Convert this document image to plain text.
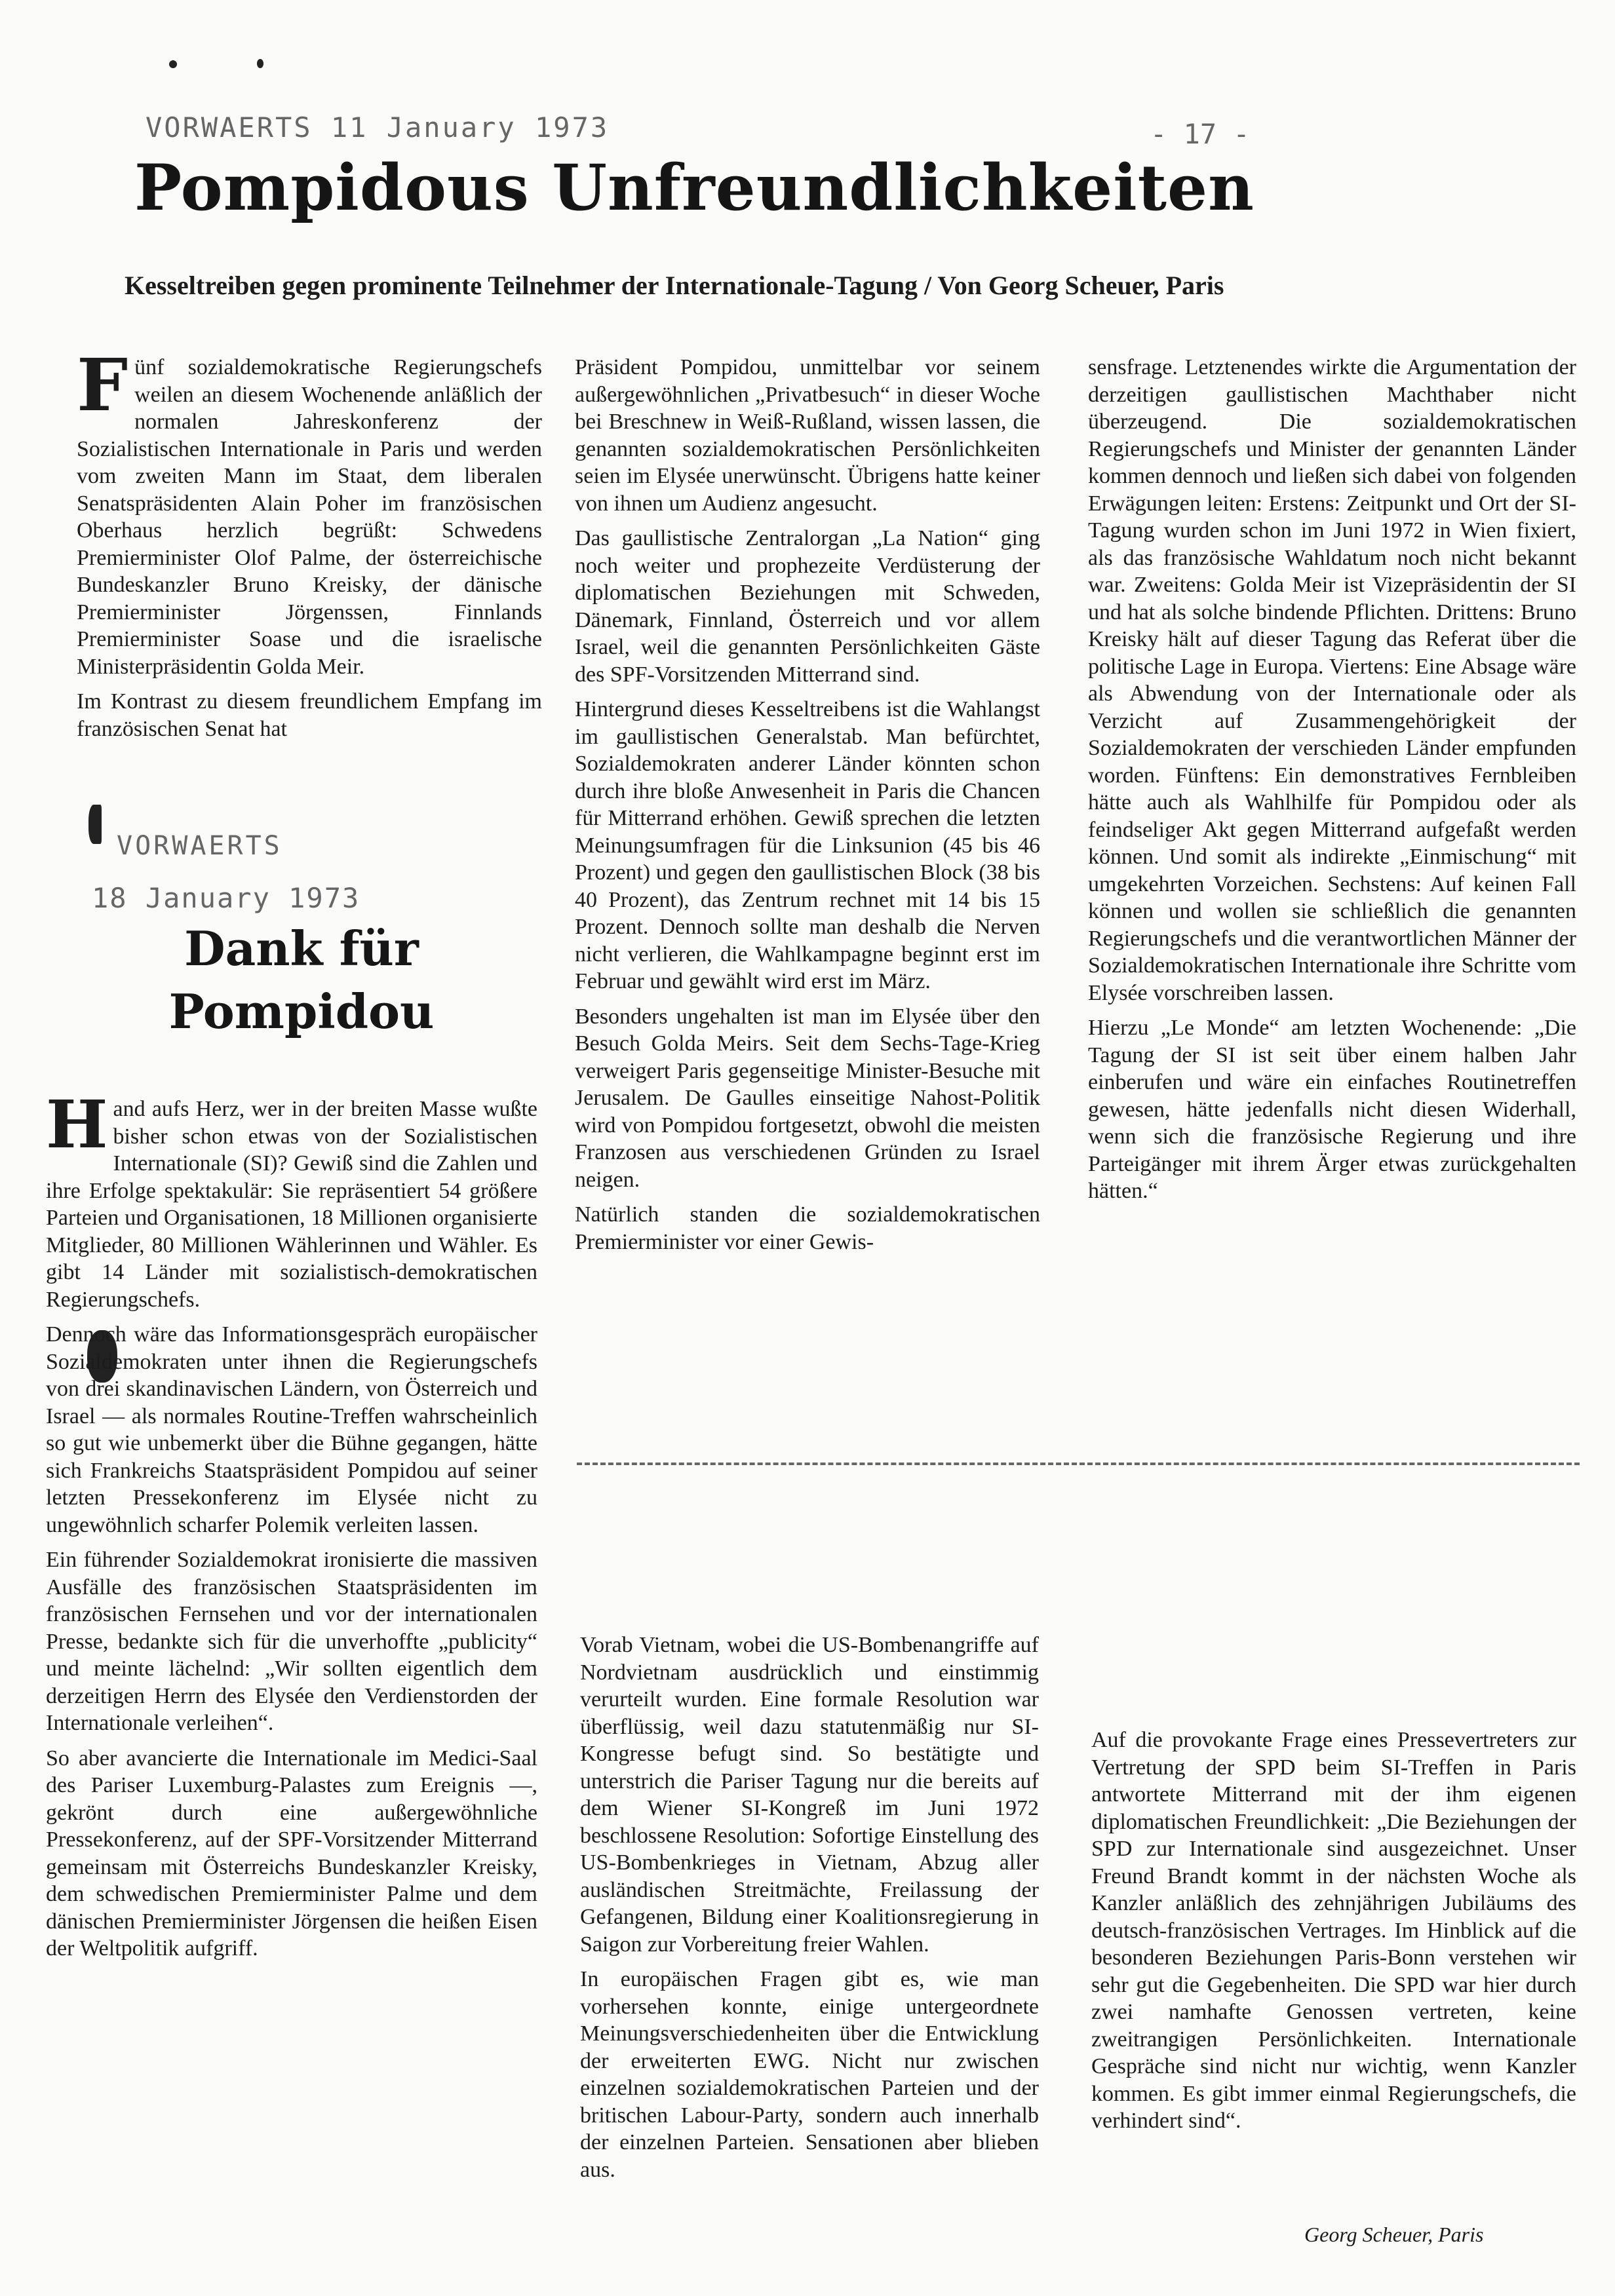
VORWAERTS 11 January 1973	- 17 -
Pompidous Unfreundlichkeiten
Kesseltreiben gegen prominente Teilnehmer der Internationale-Tagung / Von Georg Scheuer, Paris

Fünf sozialdemokratische Regierungschefs weilen an diesem Wochenende anläßlich der normalen Jahreskonferenz der Sozialistischen Internationale in Paris und werden vom zweiten Mann im Staat, dem liberalen Senatspräsidenten Alain Poher im französischen Oberhaus herzlich begrüßt: Schwedens Premierminister Olof Palme, der österreichische Bundeskanzler Bruno Kreisky, der dänische Premierminister Jörgenssen, Finnlands Premierminister Soase und die israelische Ministerpräsidentin Golda Meir.

Im Kontrast zu diesem freundlichem Empfang im französischen Senat hat

Präsident Pompidou, unmittelbar vor seinem außergewöhnlichen „Privatbesuch“ in dieser Woche bei Breschnew in Weiß-Rußland, wissen lassen, die genannten sozialdemokratischen Persönlichkeiten seien im Elysée unerwünscht. Übrigens hatte keiner von ihnen um Audienz angesucht.

Das gaullistische Zentralorgan „La Nation“ ging noch weiter und prophezeite Verdüsterung der diplomatischen Beziehungen mit Schweden, Dänemark, Finnland, Österreich und vor allem Israel, weil die genannten Persönlichkeiten Gäste des SPF-Vorsitzenden Mitterrand sind.

Hintergrund dieses Kesseltreibens ist die Wahlangst im gaullistischen Generalstab. Man befürchtet, Sozialdemokraten anderer Länder könnten schon durch ihre bloße Anwesenheit in Paris die Chancen für Mitterrand erhöhen. Gewiß sprechen die letzten Meinungsumfragen für die Linksunion (45 bis 46 Prozent) und gegen den gaullistischen Block (38 bis 40 Prozent), das Zentrum rechnet mit 14 bis 15 Prozent. Dennoch sollte man deshalb die Nerven nicht verlieren, die Wahlkampagne beginnt erst im Februar und gewählt wird erst im März.

Besonders ungehalten ist man im Elysée über den Besuch Golda Meirs. Seit dem Sechs-Tage-Krieg verweigert Paris gegenseitige Minister-Besuche mit Jerusalem. De Gaulles einseitige Nahost-Politik wird von Pompidou fortgesetzt, obwohl die meisten Franzosen aus verschiedenen Gründen zu Israel neigen.

Natürlich standen die sozialdemokratischen Premierminister vor einer Gewis-

sensfrage. Letztenendes wirkte die Argumentation der derzeitigen gaullistischen Machthaber nicht überzeugend. Die sozialdemokratischen Regierungschefs und Minister der genannten Länder kommen dennoch und ließen sich dabei von folgenden Erwägungen leiten: Erstens: Zeitpunkt und Ort der SI-Tagung wurden schon im Juni 1972 in Wien fixiert, als das französische Wahldatum noch nicht bekannt war. Zweitens: Golda Meir ist Vizepräsidentin der SI und hat als solche bindende Pflichten. Drittens: Bruno Kreisky hält auf dieser Tagung das Referat über die politische Lage in Europa. Viertens: Eine Absage wäre als Abwendung von der Internationale oder als Verzicht auf Zusammengehörigkeit der Sozialdemokraten der verschieden Länder empfunden worden. Fünftens: Ein demonstratives Fernbleiben hätte auch als Wahlhilfe für Pompidou oder als feindseliger Akt gegen Mitterrand aufgefaßt werden können. Und somit als indirekte „Einmischung“ mit umgekehrten Vorzeichen. Sechstens: Auf keinen Fall können und wollen sie schließlich die genannten Regierungschefs und die verantwortlichen Männer der Sozialdemokratischen Internationale ihre Schritte vom Elysée vorschreiben lassen.

Hierzu „Le Monde“ am letzten Wochenende: „Die Tagung der SI ist seit über einem halben Jahr einberufen und wäre ein einfaches Routinetreffen gewesen, hätte jedenfalls nicht diesen Widerhall, wenn sich die französische Regierung und ihre Parteigänger mit ihrem Ärger etwas zurückgehalten hätten.“

VORWAERTS
18 January 1973
Dank für
Pompidou

Hand aufs Herz, wer in der breiten Masse wußte bisher schon etwas von der Sozialistischen Internationale (SI)? Gewiß sind die Zahlen und ihre Erfolge spektakulär: Sie repräsentiert 54 größere Parteien und Organisationen, 18 Millionen organisierte Mitglieder, 80 Millionen Wählerinnen und Wähler. Es gibt 14 Länder mit sozialistisch-demokratischen Regierungschefs.

Dennoch wäre das Informationsgespräch europäischer Sozialdemokraten unter ihnen die Regierungschefs von drei skandinavischen Ländern, von Österreich und Israel — als normales Routine-Treffen wahrscheinlich so gut wie unbemerkt über die Bühne gegangen, hätte sich Frankreichs Staatspräsident Pompidou auf seiner letzten Pressekonferenz im Elysée nicht zu ungewöhnlich scharfer Polemik verleiten lassen.

Ein führender Sozialdemokrat ironisierte die massiven Ausfälle des französischen Staatspräsidenten im französischen Fernsehen und vor der internationalen Presse, bedankte sich für die unverhoffte „publicity“ und meinte lächelnd: „Wir sollten eigentlich dem derzeitigen Herrn des Elysée den Verdienstorden der Internationale verleihen“.

So aber avancierte die Internationale im Medici-Saal des Pariser Luxemburg-Palastes zum Ereignis —, gekrönt durch eine außergewöhnliche Pressekonferenz, auf der SPF-Vorsitzender Mitterrand gemeinsam mit Österreichs Bundeskanzler Kreisky, dem schwedischen Premierminister Palme und dem dänischen Premierminister Jörgensen die heißen Eisen der Weltpolitik aufgriff.

Vorab Vietnam, wobei die US-Bombenangriffe auf Nordvietnam ausdrücklich und einstimmig verurteilt wurden. Eine formale Resolution war überflüssig, weil dazu statutenmäßig nur SI-Kongresse befugt sind. So bestätigte und unterstrich die Pariser Tagung nur die bereits auf dem Wiener SI-Kongreß im Juni 1972 beschlossene Resolution: Sofortige Einstellung des US-Bombenkrieges in Vietnam, Abzug aller ausländischen Streitmächte, Freilassung der Gefangenen, Bildung einer Koalitionsregierung in Saigon zur Vorbereitung freier Wahlen.

In europäischen Fragen gibt es, wie man vorhersehen konnte, einige untergeordnete Meinungsverschiedenheiten über die Entwicklung der erweiterten EWG. Nicht nur zwischen einzelnen sozialdemokratischen Parteien und der britischen Labour-Party, sondern auch innerhalb der einzelnen Parteien. Sensationen aber blieben aus.

Auf die provokante Frage eines Pressevertreters zur Vertretung der SPD beim SI-Treffen in Paris antwortete Mitterrand mit der ihm eigenen diplomatischen Freundlichkeit: „Die Beziehungen der SPD zur Internationale sind ausgezeichnet. Unser Freund Brandt kommt in der nächsten Woche als Kanzler anläßlich des zehnjährigen Jubiläums des deutsch-französischen Vertrages. Im Hinblick auf die besonderen Beziehungen Paris-Bonn verstehen wir sehr gut die Gegebenheiten. Die SPD war hier durch zwei namhafte Genossen vertreten, keine zweitrangigen Persönlichkeiten. Internationale Gespräche sind nicht nur wichtig, wenn Kanzler kommen. Es gibt immer einmal Regierungschefs, die verhindert sind“.

Georg Scheuer, Paris
